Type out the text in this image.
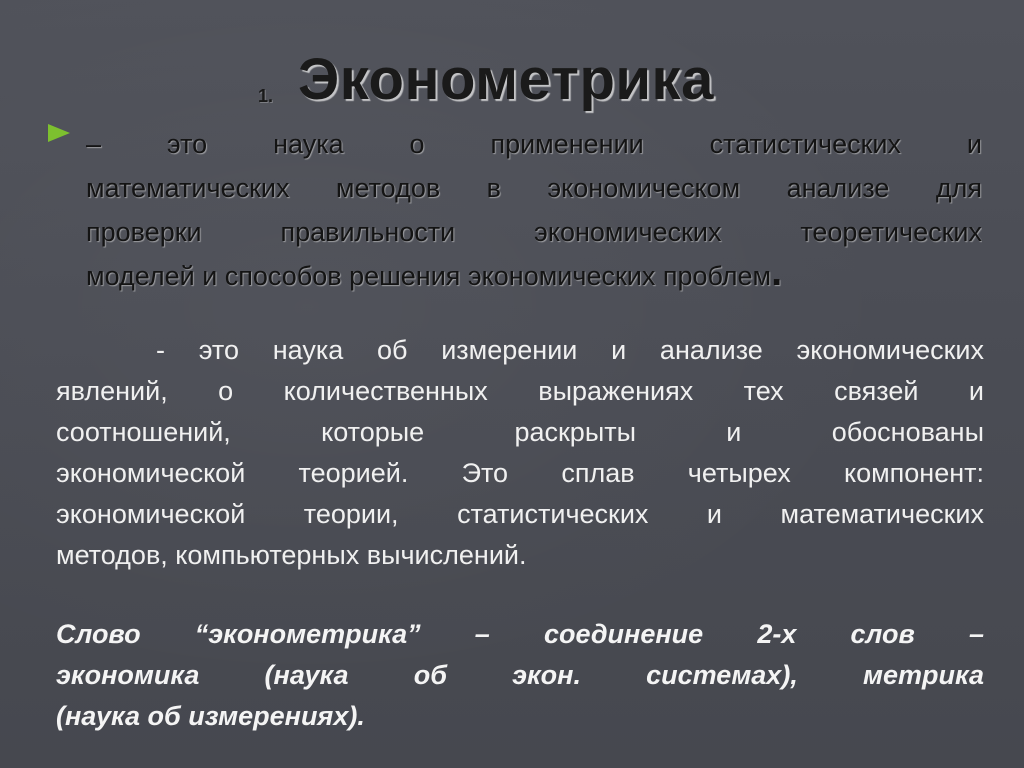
1. Эконометрика
– это наука о применении статистических и
математических методов в экономическом анализе для
проверки правильности экономических теоретических
моделей и способов решения экономических проблем.
- это наука об измерении и анализе экономических
явлений, о количественных выражениях тех связей и
соотношений, которые раскрыты и обоснованы
экономической теорией. Это сплав четырех компонент:
экономической теории, статистических и математических
методов, компьютерных вычислений.
Слово “эконометрика” – соединение 2-х слов –
экономика (наука об экон. системах), метрика
(наука об измерениях).
